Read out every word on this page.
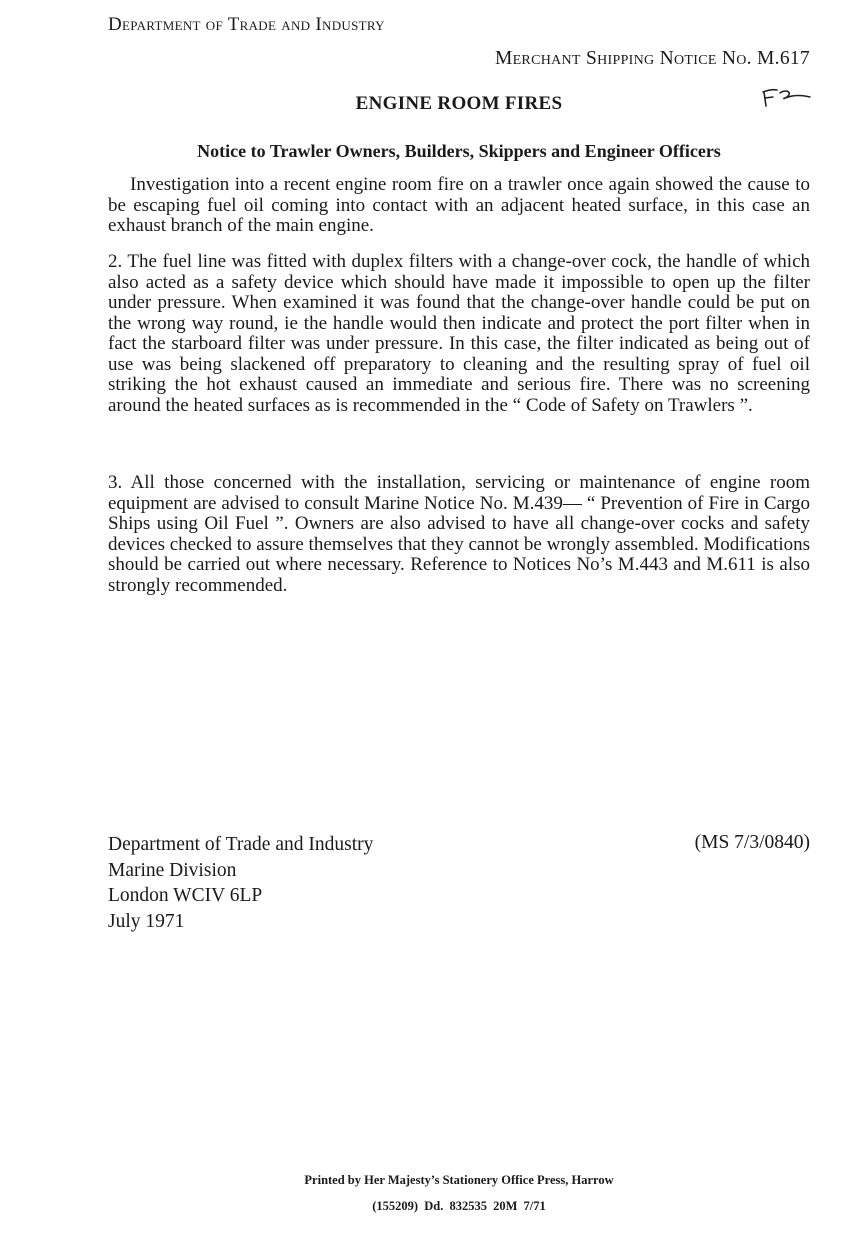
Department of Trade and Industry
Merchant Shipping Notice No. M.617
ENGINE ROOM FIRES
Notice to Trawler Owners, Builders, Skippers and Engineer Officers

Investigation into a recent engine room fire on a trawler once again showed the cause to be escaping fuel oil coming into contact with an adjacent heated surface, in this case an exhaust branch of the main engine.

2. The fuel line was fitted with duplex filters with a change-over cock, the handle of which also acted as a safety device which should have made it impossible to open up the filter under pressure. When examined it was found that the change-over handle could be put on the wrong way round, ie the handle would then indicate and protect the port filter when in fact the starboard filter was under pressure. In this case, the filter indicated as being out of use was being slackened off preparatory to cleaning and the resulting spray of fuel oil striking the hot exhaust caused an immediate and serious fire. There was no screening around the heated surfaces as is recommended in the “ Code of Safety on Trawlers ”.

3. All those concerned with the installation, servicing or maintenance of engine room equipment are advised to consult Marine Notice No. M.439— “ Prevention of Fire in Cargo Ships using Oil Fuel ”. Owners are also advised to have all change-over cocks and safety devices checked to assure themselves that they cannot be wrongly assembled. Modifications should be carried out where necessary. Reference to Notices No’s M.443 and M.611 is also strongly recommended.

Department of Trade and Industry
Marine Division
London WCIV 6LP
July 1971
(MS 7/3/0840)
Printed by Her Majesty’s Stationery Office Press, Harrow
(155209) Dd. 832535 20M 7/71
